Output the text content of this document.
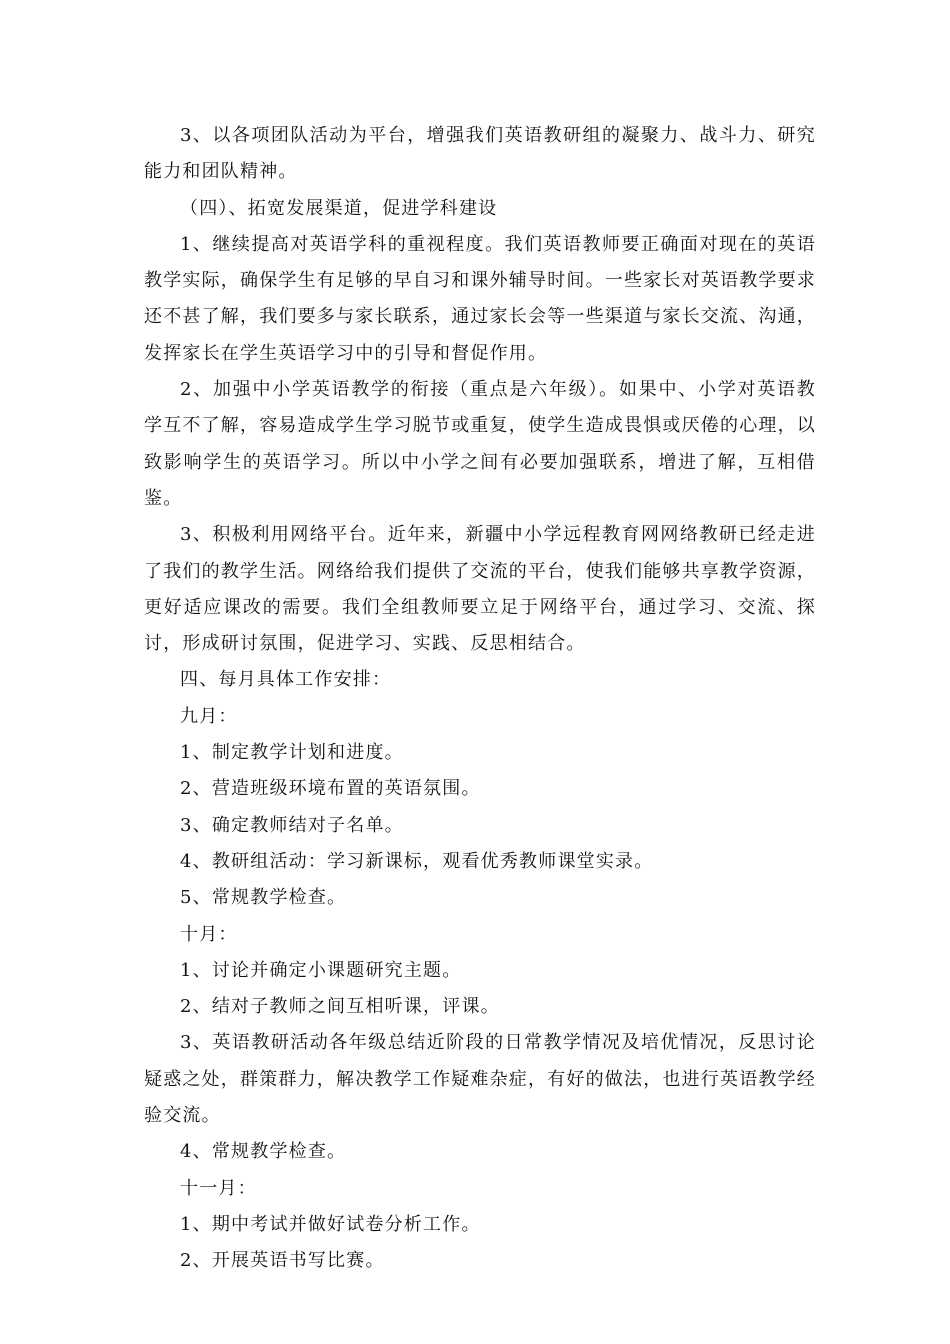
3、以各项团队活动为平台，增强我们英语教研组的凝聚力、战斗力、研究能力和团队精神。

（四）、拓宽发展渠道，促进学科建设

1、继续提高对英语学科的重视程度。我们英语教师要正确面对现在的英语教学实际，确保学生有足够的早自习和课外辅导时间。一些家长对英语教学要求还不甚了解，我们要多与家长联系，通过家长会等一些渠道与家长交流、沟通，发挥家长在学生英语学习中的引导和督促作用。

2、加强中小学英语教学的衔接（重点是六年级）。如果中、小学对英语教学互不了解，容易造成学生学习脱节或重复，使学生造成畏惧或厌倦的心理，以致影响学生的英语学习。所以中小学之间有必要加强联系，增进了解，互相借鉴。

3、积极利用网络平台。近年来，新疆中小学远程教育网网络教研已经走进了我们的教学生活。网络给我们提供了交流的平台，使我们能够共享教学资源，更好适应课改的需要。我们全组教师要立足于网络平台，通过学习、交流、探讨，形成研讨氛围，促进学习、实践、反思相结合。

四、每月具体工作安排：

九月：

1、制定教学计划和进度。

2、营造班级环境布置的英语氛围。

3、确定教师结对子名单。

4、教研组活动：学习新课标，观看优秀教师课堂实录。

5、常规教学检查。

十月：

1、讨论并确定小课题研究主题。

2、结对子教师之间互相听课，评课。

3、英语教研活动各年级总结近阶段的日常教学情况及培优情况，反思讨论疑惑之处，群策群力，解决教学工作疑难杂症，有好的做法，也进行英语教学经验交流。

4、常规教学检查。

十一月：

1、期中考试并做好试卷分析工作。

2、开展英语书写比赛。
